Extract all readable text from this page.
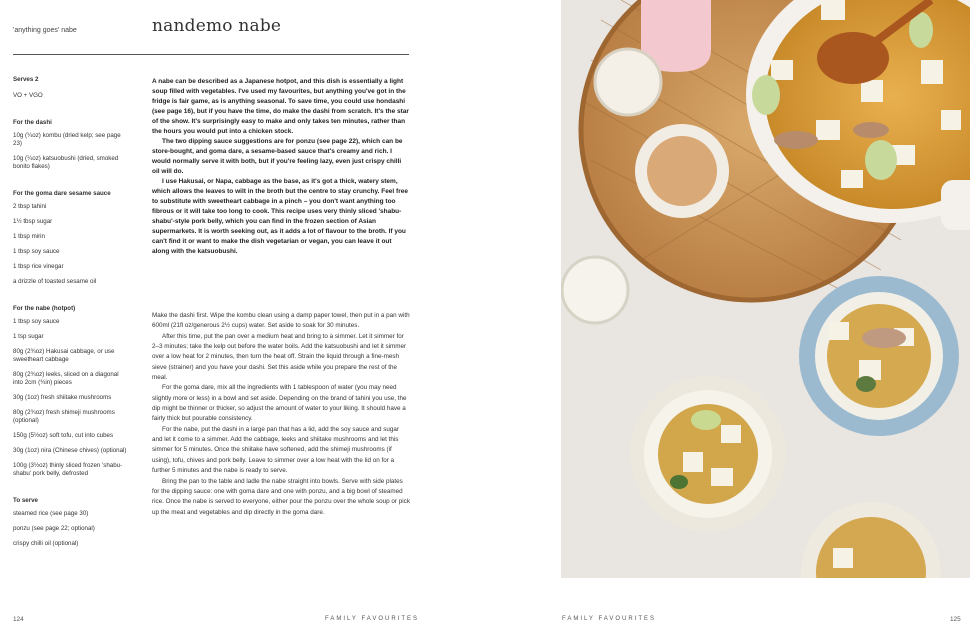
'anything goes' nabe	nandemo nabe
Serves 2
VO + VGO
For the dashi
10g (¼oz) kombu (dried kelp; see page 23)
10g (¼oz) katsuobushi (dried, smoked bonito flakes)
For the goma dare sesame sauce
2 tbsp tahini
1½ tbsp sugar
1 tbsp mirin
1 tbsp soy sauce
1 tbsp rice vinegar
a drizzle of toasted sesame oil
For the nabe (hotpot)
1 tbsp soy sauce
1 tsp sugar
80g (2¾oz) Hakusai cabbage, or use sweetheart cabbage
80g (2¾oz) leeks, sliced on a diagonal into 2cm (¾in) pieces
30g (1oz) fresh shiitake mushrooms
80g (2¾oz) fresh shimeji mushrooms (optional)
150g (5½oz) soft tofu, cut into cubes
30g (1oz) nira (Chinese chives) (optional)
100g (3½oz) thinly sliced frozen 'shabu-shabu' pork belly, defrosted
To serve
steamed rice (see page 30)
ponzu (see page 22; optional)
crispy chilli oil (optional)

A nabe can be described as a Japanese hotpot, and this dish is essentially a light soup filled with vegetables. I've used my favourites, but anything you've got in the fridge is fair game, as is anything seasonal. To save time, you could use hondashi (see page 16), but if you have the time, do make the dashi from scratch. It's the star of the show. It's surprisingly easy to make and only takes ten minutes, rather than the hours you would put into a chicken stock.

The two dipping sauce suggestions are for ponzu (see page 22), which can be store-bought, and goma dare, a sesame-based sauce that's creamy and rich. I would normally serve it with both, but if you're feeling lazy, even just crispy chilli oil will do.

I use Hakusai, or Napa, cabbage as the base, as it's got a thick, watery stem, which allows the leaves to wilt in the broth but the centre to stay crunchy. Feel free to substitute with sweetheart cabbage in a pinch – you don't want anything too fibrous or it will take too long to cook. This recipe uses very thinly sliced 'shabu-shabu'-style pork belly, which you can find in the frozen section of Asian supermarkets. It is worth seeking out, as it adds a lot of flavour to the broth. If you can't find it or want to make the dish vegetarian or vegan, you can leave it out along with the katsuobushi.

Make the dashi first. Wipe the kombu clean using a damp paper towel, then put in a pan with 600ml (21fl oz/generous 2½ cups) water. Set aside to soak for 30 minutes.

After this time, put the pan over a medium heat and bring to a simmer. Let it simmer for 2–3 minutes; take the kelp out before the water boils. Add the katsuobushi and let it simmer over a low heat for 2 minutes, then turn the heat off. Strain the liquid through a fine-mesh sieve (strainer) and you have your dashi. Set this aside while you prepare the rest of the meal.

For the goma dare, mix all the ingredients with 1 tablespoon of water (you may need slightly more or less) in a bowl and set aside. Depending on the brand of tahini you use, the dip might be thinner or thicker, so adjust the amount of water to your liking. It should have a fairly thick but pourable consistency.

For the nabe, put the dashi in a large pan that has a lid, add the soy sauce and sugar and let it come to a simmer. Add the cabbage, leeks and shiitake mushrooms and let this simmer for 5 minutes. Once the shiitake have softened, add the shimeji mushrooms (if using), tofu, chives and pork belly. Leave to simmer over a low heat with the lid on for a further 5 minutes and the nabe is ready to serve.

Bring the pan to the table and ladle the nabe straight into bowls. Serve with side plates for the dipping sauce: one with goma dare and one with ponzu, and a big bowl of steamed rice. Once the nabe is served to everyone, either pour the ponzu over the whole soup or pick up the meat and vegetables and dip directly in the goma dare.

124	FAMILY FAVOURITES	FAMILY FAVOURITES	125
